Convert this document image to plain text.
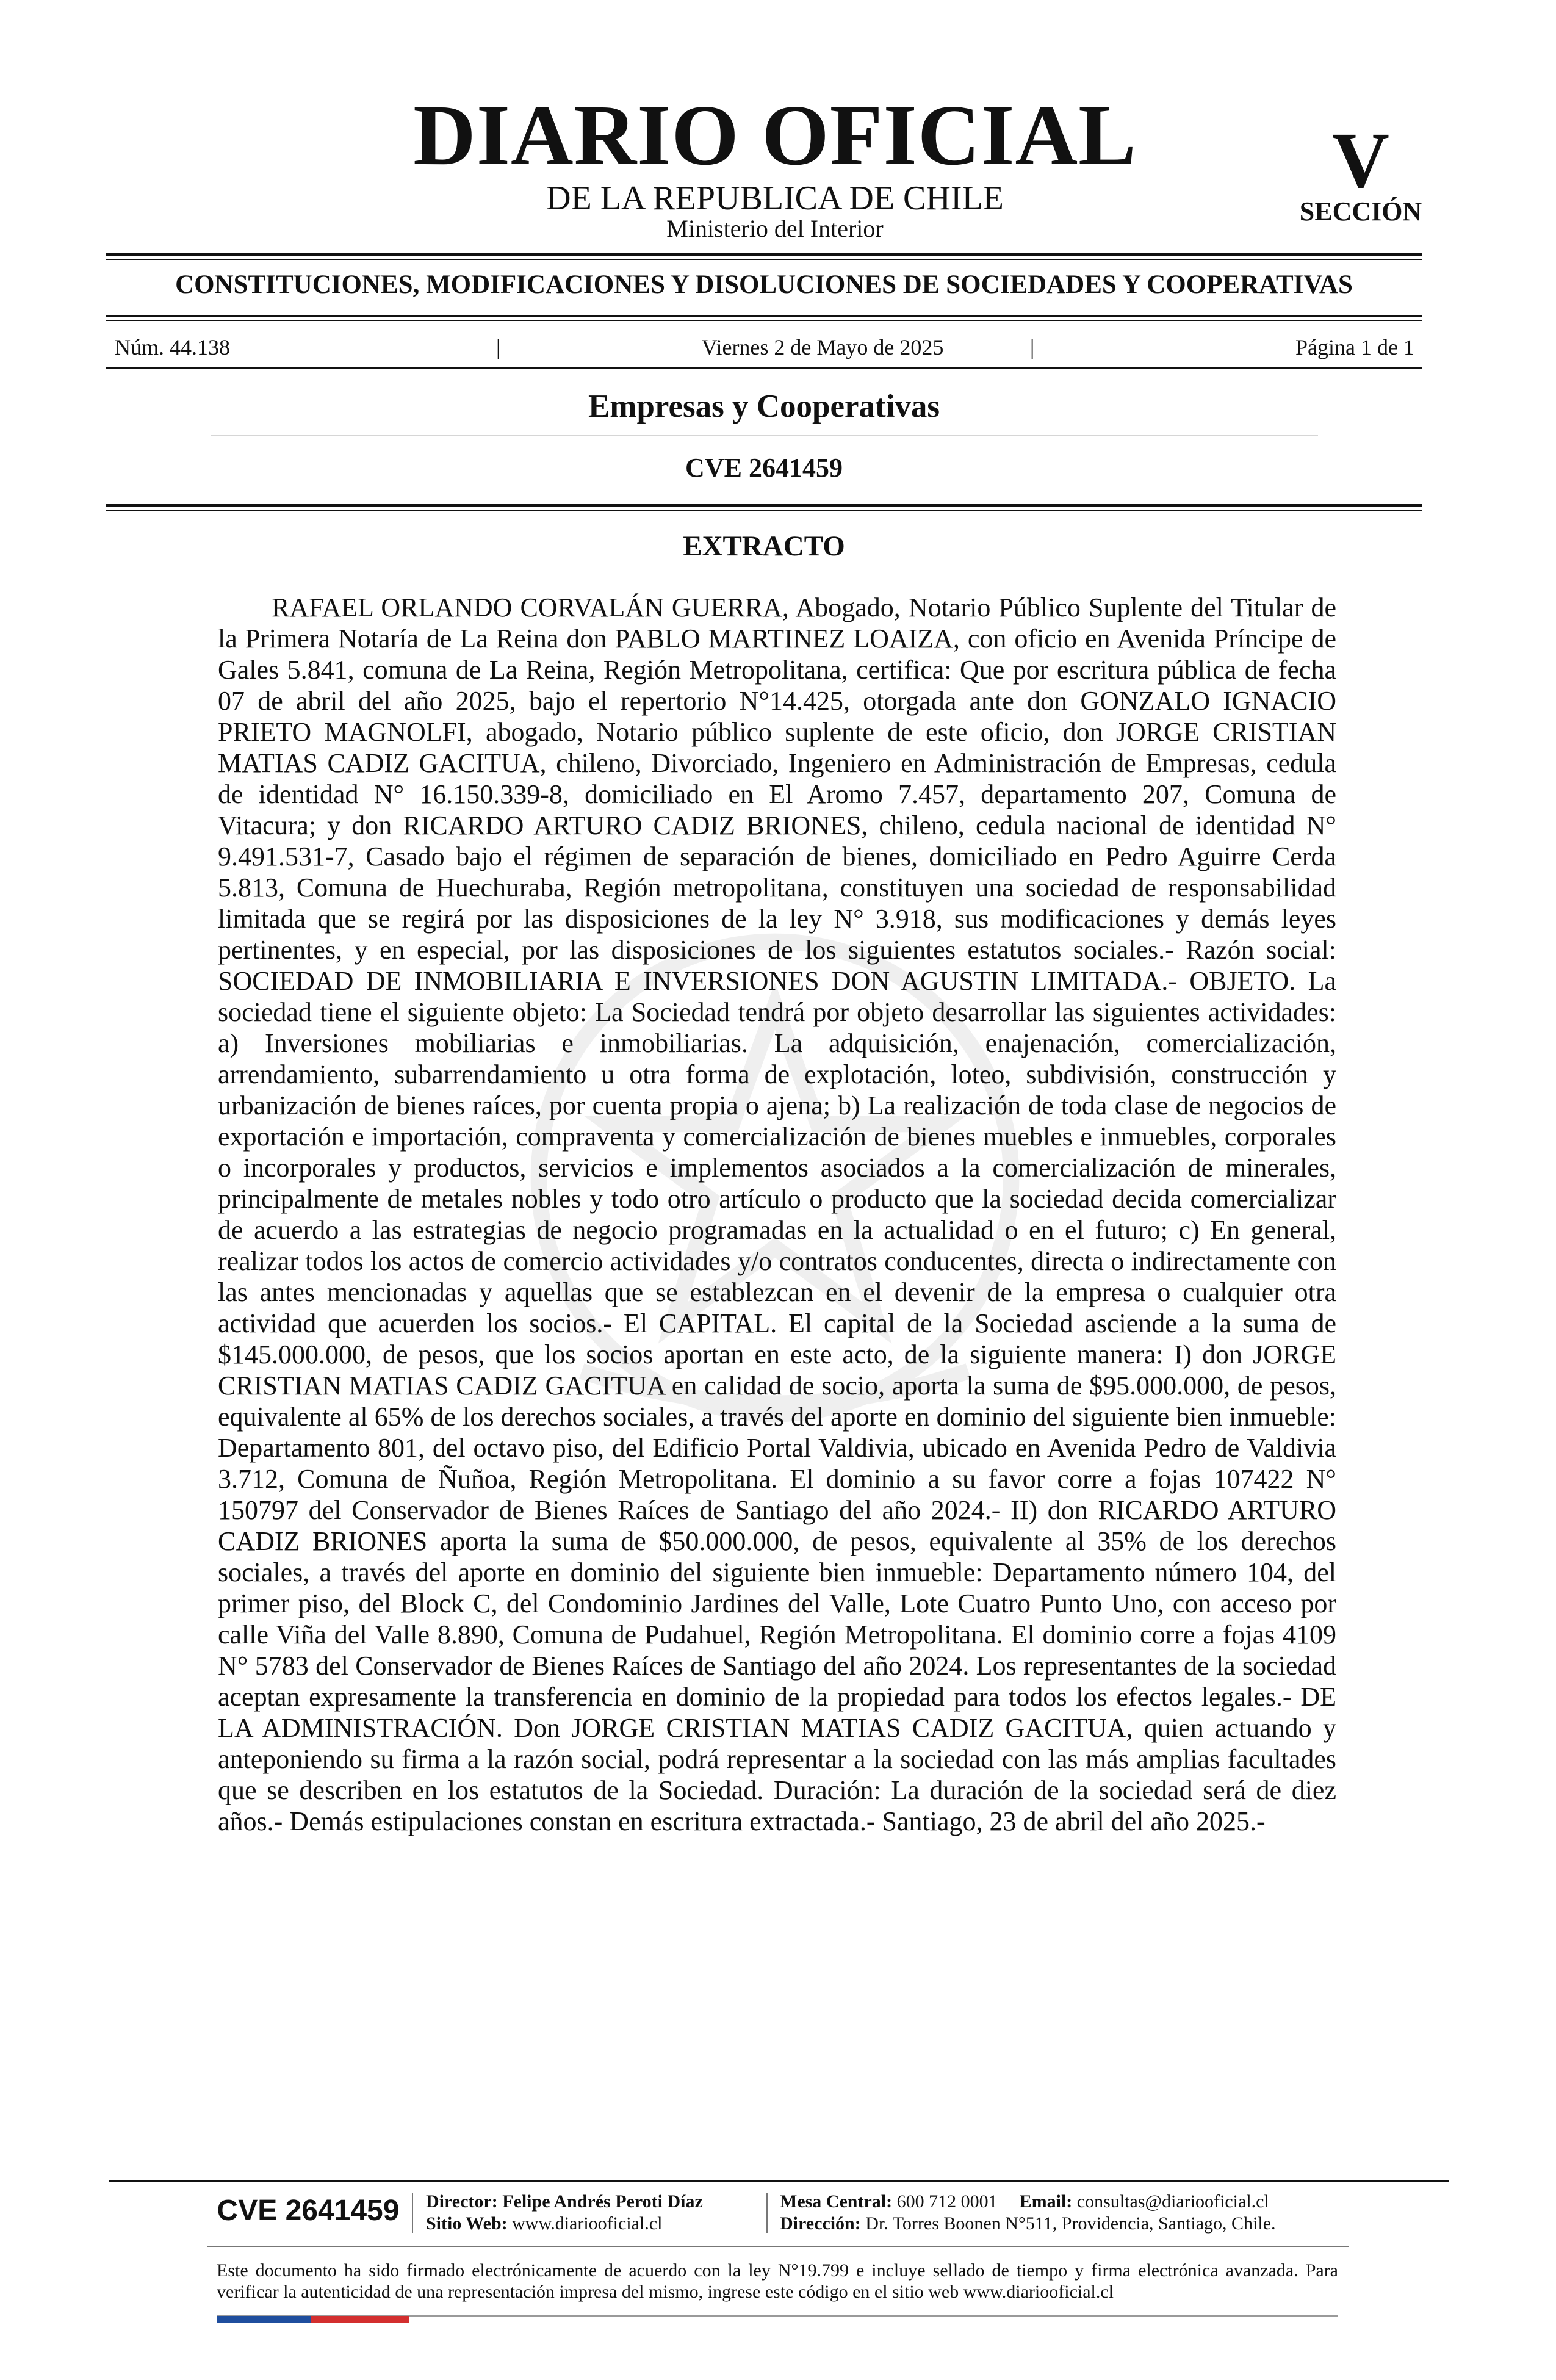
DIARIO OFICIAL
DE LA REPUBLICA DE CHILE
Ministerio del Interior
V
SECCIÓN
CONSTITUCIONES, MODIFICACIONES Y DISOLUCIONES DE SOCIEDADES Y COOPERATIVAS
Núm. 44.138	|	Viernes 2 de Mayo de 2025	|	Página 1 de 1
Empresas y Cooperativas
CVE 2641459
EXTRACTO

RAFAEL ORLANDO CORVALÁN GUERRA, Abogado, Notario Público Suplente del Titular de la Primera Notaría de La Reina don PABLO MARTINEZ LOAIZA, con oficio en Avenida Príncipe de Gales 5.841, comuna de La Reina, Región Metropolitana, certifica: Que por escritura pública de fecha 07 de abril del año 2025, bajo el repertorio N°14.425, otorgada ante don GONZALO IGNACIO PRIETO MAGNOLFI, abogado, Notario público suplente de este oficio, don JORGE CRISTIAN MATIAS CADIZ GACITUA, chileno, Divorciado, Ingeniero en Administración de Empresas, cedula de identidad N° 16.150.339-8, domiciliado en El Aromo 7.457, departamento 207, Comuna de Vitacura; y don RICARDO ARTURO CADIZ BRIONES, chileno, cedula nacional de identidad N° 9.491.531-7, Casado bajo el régimen de separación de bienes, domiciliado en Pedro Aguirre Cerda 5.813, Comuna de Huechuraba, Región metropolitana, constituyen una sociedad de responsabilidad limitada que se regirá por las disposiciones de la ley N° 3.918, sus modificaciones y demás leyes pertinentes, y en especial, por las disposiciones de los siguientes estatutos sociales.- Razón social: SOCIEDAD DE INMOBILIARIA E INVERSIONES DON AGUSTIN LIMITADA.- OBJETO. La sociedad tiene el siguiente objeto: La Sociedad tendrá por objeto desarrollar las siguientes actividades: a) Inversiones mobiliarias e inmobiliarias. La adquisición, enajenación, comercialización, arrendamiento, subarrendamiento u otra forma de explotación, loteo, subdivisión, construcción y urbanización de bienes raíces, por cuenta propia o ajena; b) La realización de toda clase de negocios de exportación e importación, compraventa y comercialización de bienes muebles e inmuebles, corporales o incorporales y productos, servicios e implementos asociados a la comercialización de minerales, principalmente de metales nobles y todo otro artículo o producto que la sociedad decida comercializar de acuerdo a las estrategias de negocio programadas en la actualidad o en el futuro; c) En general, realizar todos los actos de comercio actividades y/o contratos conducentes, directa o indirectamente con las antes mencionadas y aquellas que se establezcan en el devenir de la empresa o cualquier otra actividad que acuerden los socios.- El CAPITAL. El capital de la Sociedad asciende a la suma de $145.000.000, de pesos, que los socios aportan en este acto, de la siguiente manera: I) don JORGE CRISTIAN MATIAS CADIZ GACITUA en calidad de socio, aporta la suma de $95.000.000, de pesos, equivalente al 65% de los derechos sociales, a través del aporte en dominio del siguiente bien inmueble: Departamento 801, del octavo piso, del Edificio Portal Valdivia, ubicado en Avenida Pedro de Valdivia 3.712, Comuna de Ñuñoa, Región Metropolitana. El dominio a su favor corre a fojas 107422 N° 150797 del Conservador de Bienes Raíces de Santiago del año 2024.- II) don RICARDO ARTURO CADIZ BRIONES aporta la suma de $50.000.000, de pesos, equivalente al 35% de los derechos sociales, a través del aporte en dominio del siguiente bien inmueble: Departamento número 104, del primer piso, del Block C, del Condominio Jardines del Valle, Lote Cuatro Punto Uno, con acceso por calle Viña del Valle 8.890, Comuna de Pudahuel, Región Metropolitana. El dominio corre a fojas 4109 N° 5783 del Conservador de Bienes Raíces de Santiago del año 2024. Los representantes de la sociedad aceptan expresamente la transferencia en dominio de la propiedad para todos los efectos legales.- DE LA ADMINISTRACIÓN. Don JORGE CRISTIAN MATIAS CADIZ GACITUA, quien actuando y anteponiendo su firma a la razón social, podrá representar a la sociedad con las más amplias facultades que se describen en los estatutos de la Sociedad. Duración: La duración de la sociedad será de diez años.- Demás estipulaciones constan en escritura extractada.- Santiago, 23 de abril del año 2025.-

CVE 2641459	Director: Felipe Andrés Peroti Díaz
Sitio Web: www.diariooficial.cl
Mesa Central: 600 712 0001 Email: consultas@diariooficial.cl
Dirección: Dr. Torres Boonen N°511, Providencia, Santiago, Chile.

Este documento ha sido firmado electrónicamente de acuerdo con la ley N°19.799 e incluye sellado de tiempo y firma electrónica avanzada. Para verificar la autenticidad de una representación impresa del mismo, ingrese este código en el sitio web www.diariooficial.cl
